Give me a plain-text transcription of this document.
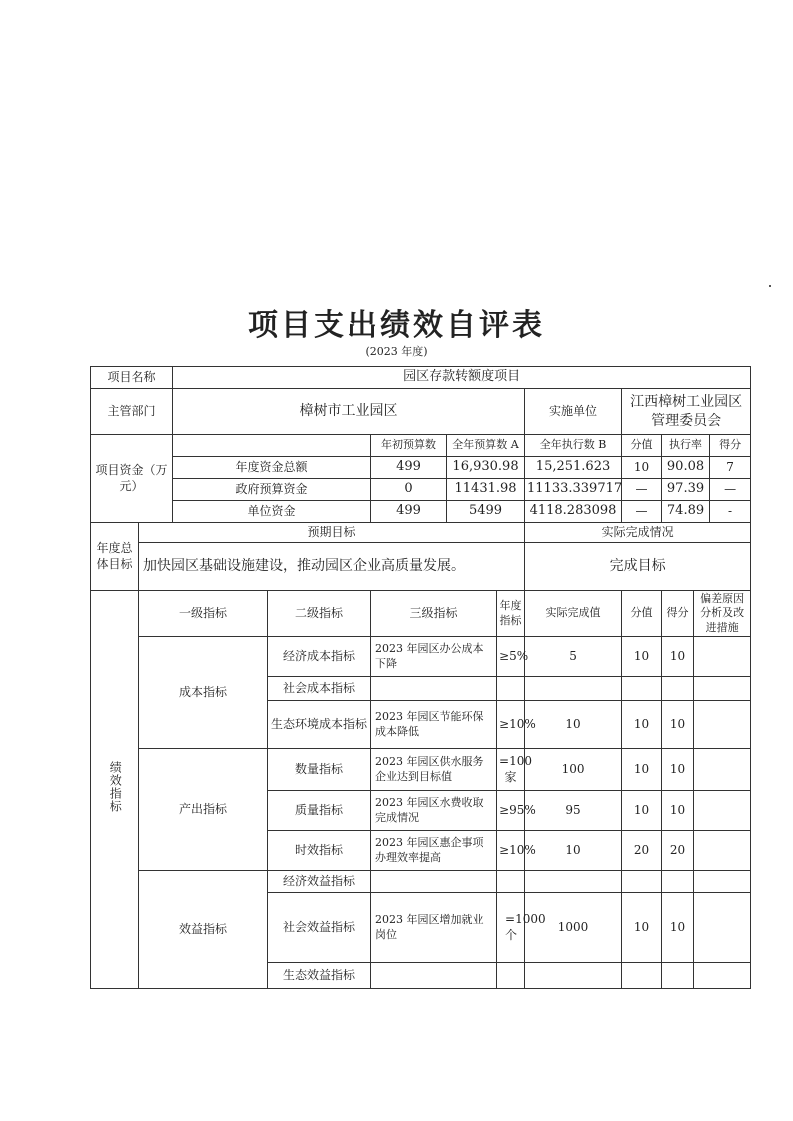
项目支出绩效自评表
(2023 年度)
项目名称		园区存款转额度项目									
主管部门		樟树市工业园区					实施单位	江西樟树工业园区管理委员会			
项目资金（万元）				年初预算数	全年预算数 A		全年执行数 B	分值	执行率		得分
		年度资金总额		499	16,930.98		15,251.623	10	90.08		7
		政府预算资金		0	11431.98		11133.339717	—	97.39		—
		单位资金		499	5499		4118.283098	—	74.89		-
年度总体目标	预期目标						实际完成情况				
	加快园区基础设施建设，推动园区企业高质量发展。						完成目标				
绩效指标	一级指标		二级指标	三级指标		年度指标	实际完成值	分值	得分	偏差原因分析及改进措施	
	成本指标		经济成本指标	2023 年园区办公成本下降		≥5%	5	10	10		
			社会成本指标								
			生态环境成本指标	2023 年园区节能环保成本降低		≥10%	10	10	10		
	产出指标		数量指标	2023 年园区供水服务企业达到目标值		=100家	100	10	10		
			质量指标	2023 年园区水费收取完成情况		≥95%	95	10	10		
			时效指标	2023 年园区惠企事项办理效率提高		≥10%	10	20	20		
	效益指标		经济效益指标								
			社会效益指标	2023 年园区增加就业岗位		=1000个	1000	10	10		
			生态效益指标								
